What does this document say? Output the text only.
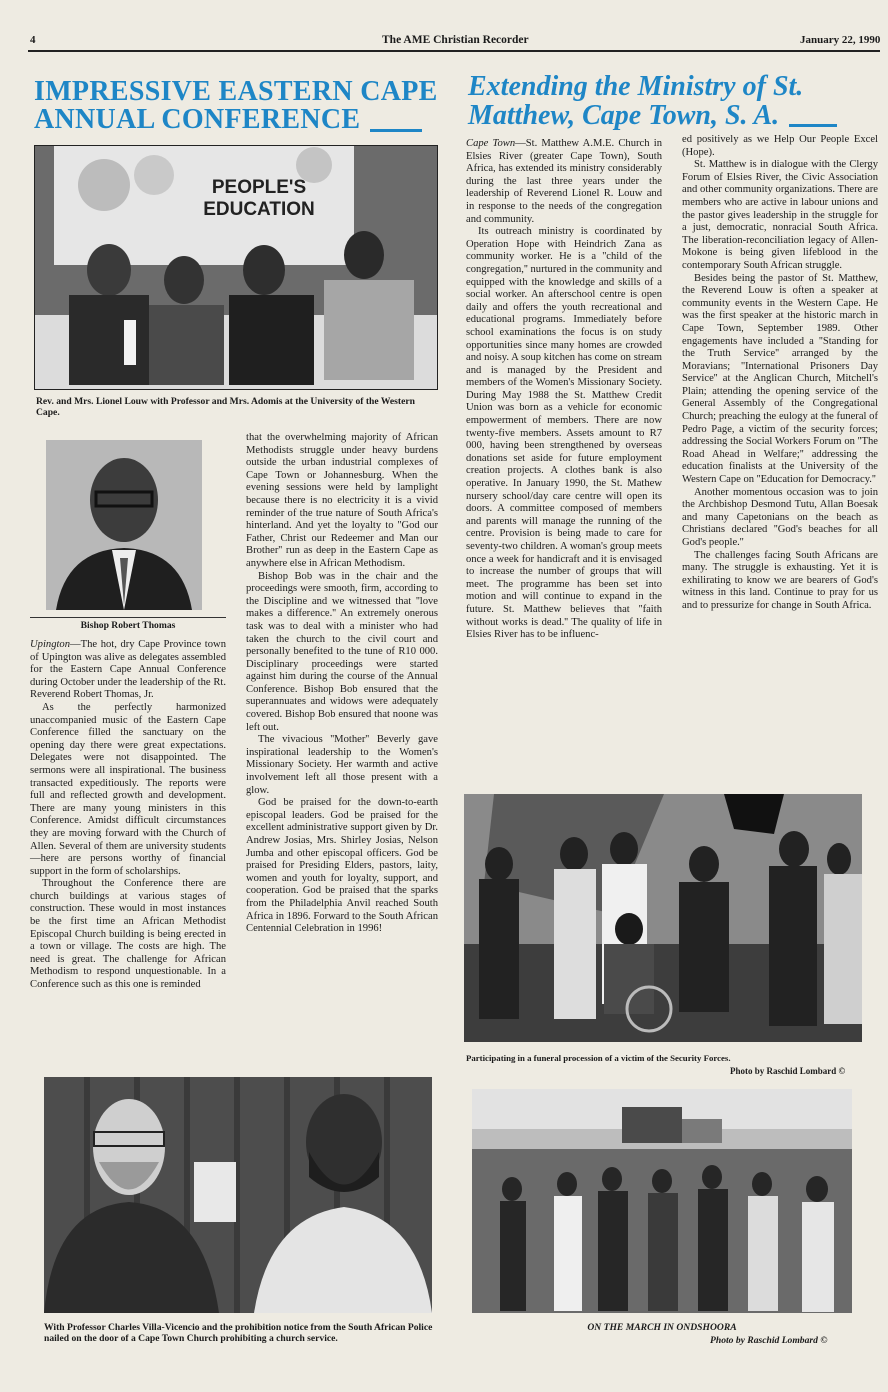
4	The AME Christian Recorder	January 22, 1990
IMPRESSIVE EASTERN CAPE
ANNUAL CONFERENCE
Extending the Ministry of St.
Matthew, Cape Town, S. A.
PEOPLE'S EDUCATION
Rev. and Mrs. Lionel Louw with Professor and Mrs. Adomis at the University of the Western Cape.
Bishop Robert Thomas

Upington—The hot, dry Cape Province town of Upington was alive as delegates assembled for the Eastern Cape Annual Conference during October under the leadership of the Rt. Reverend Robert Thomas, Jr.

As the perfectly harmonized unaccompanied music of the Eastern Cape Conference filled the sanctuary on the opening day there were great expectations. Delegates were not disappointed. The sermons were all inspirational. The business transacted expeditiously. The reports were full and reflected growth and development. There are many young ministers in this Conference. Amidst difficult circumstances they are moving forward with the Church of Allen. Several of them are university students—here are persons worthy of financial support in the form of scholarships.

Throughout the Conference there are church buildings at various stages of construction. These would in most instances be the first time an African Methodist Episcopal Church building is being erected in a town or village. The costs are high. The need is great. The challenge for African Methodism to respond unquestionable. In a Conference such as this one is reminded

that the overwhelming majority of African Methodists struggle under heavy burdens outside the urban industrial complexes of Cape Town or Johannesburg. When the evening sessions were held by lamplight because there is no electricity it is a vivid reminder of the true nature of South Africa's hinterland. And yet the loyalty to ''God our Father, Christ our Redeemer and Man our Brother'' run as deep in the Eastern Cape as anywhere else in African Methodism.

Bishop Bob was in the chair and the proceedings were smooth, firm, according to the Discipline and we witnessed that ''love makes a difference.'' An extremely onerous task was to deal with a minister who had taken the church to the civil court and personally benefited to the tune of R10 000. Disciplinary proceedings were started against him during the course of the Annual Conference. Bishop Bob ensured that the superannuates and widows were adequately covered. Bishop Bob ensured that noone was left out.

The vivacious ''Mother'' Beverly gave inspirational leadership to the Women's Missionary Society. Her warmth and active involvement left all those present with a glow.

God be praised for the down-to-earth episcopal leaders. God be praised for the excellent administrative support given by Dr. Andrew Josias, Mrs. Shirley Josias, Nelson Jumba and other episcopal officers. God be praised for Presiding Elders, pastors, laity, women and youth for loyalty, support, and cooperation. God be praised that the sparks from the Philadelphia Anvil reached South Africa in 1896. Forward to the South African Centennial Celebration in 1996!

With Professor Charles Villa-Vicencio and the prohibition notice from the South African Police nailed on the door of a Cape Town Church prohibiting a church service.

Cape Town—St. Matthew A.M.E. Church in Elsies River (greater Cape Town), South Africa, has extended its ministry considerably during the last three years under the leadership of Reverend Lionel R. Louw and in response to the needs of the congregation and community.

Its outreach ministry is coordinated by Operation Hope with Heindrich Zana as community worker. He is a ''child of the congregation,'' nurtured in the community and equipped with the knowledge and skills of a social worker. An afterschool centre is open daily and offers the youth recreational and educational programs. Immediately before school examinations the focus is on study opportunities since many homes are crowded and noisy. A soup kitchen has come on stream and is managed by the President and members of the Women's Missionary Society. During May 1988 the St. Matthew Credit Union was born as a vehicle for economic empowerment of members. There are now twenty-five members. Assets amount to R7 000, having been strengthened by overseas donations set aside for future employment creation projects. A clothes bank is also operative. In January 1990, the St. Mathew nursery school/day care centre will open its doors. A committee composed of members and parents will manage the running of the centre. Provision is being made to care for seventy-two children. A woman's group meets once a week for handicraft and it is envisaged to increase the number of groups that will meet. The programme has been set into motion and will continue to expand in the future. St. Matthew believes that ''faith without works is dead.'' The quality of life in Elsies River has to be influenc-

ed positively as we Help Our People Excel (Hope).

St. Matthew is in dialogue with the Clergy Forum of Elsies River, the Civic Association and other community organizations. There are members who are active in labour unions and the pastor gives leadership in the struggle for a just, democratic, nonracial South Africa. The liberation-reconciliation legacy of Allen-Mokone is being given lifeblood in the contemporary South African struggle.

Besides being the pastor of St. Matthew, the Reverend Louw is often a speaker at community events in the Western Cape. He was the first speaker at the historic march in Cape Town, September 1989. Other engagements have included a ''Standing for the Truth Service'' arranged by the Moravians; ''International Prisoners Day Service'' at the Anglican Church, Mitchell's Plain; attending the opening service of the General Assembly of the Congregational Church; preaching the eulogy at the funeral of Pedro Page, a victim of the security forces; addressing the Social Workers Forum on ''The Road Ahead in Welfare;'' addressing the education finalists at the University of the Western Cape on ''Education for Democracy.''

Another momentous occasion was to join the Archbishop Desmond Tutu, Allan Boesak and many Capetonians on the beach as Christians declared ''God's beaches for all God's people.''

The challenges facing South Africans are many. The struggle is exhausting. Yet it is exhilirating to know we are bearers of God's witness in this land. Continue to pray for us and to pressurize for change in South Africa.

Participating in a funeral procession of a victim of the Security Forces.
Photo by Raschid Lombard ©
ON THE MARCH IN ONDSHOORA
Photo by Raschid Lombard ©
